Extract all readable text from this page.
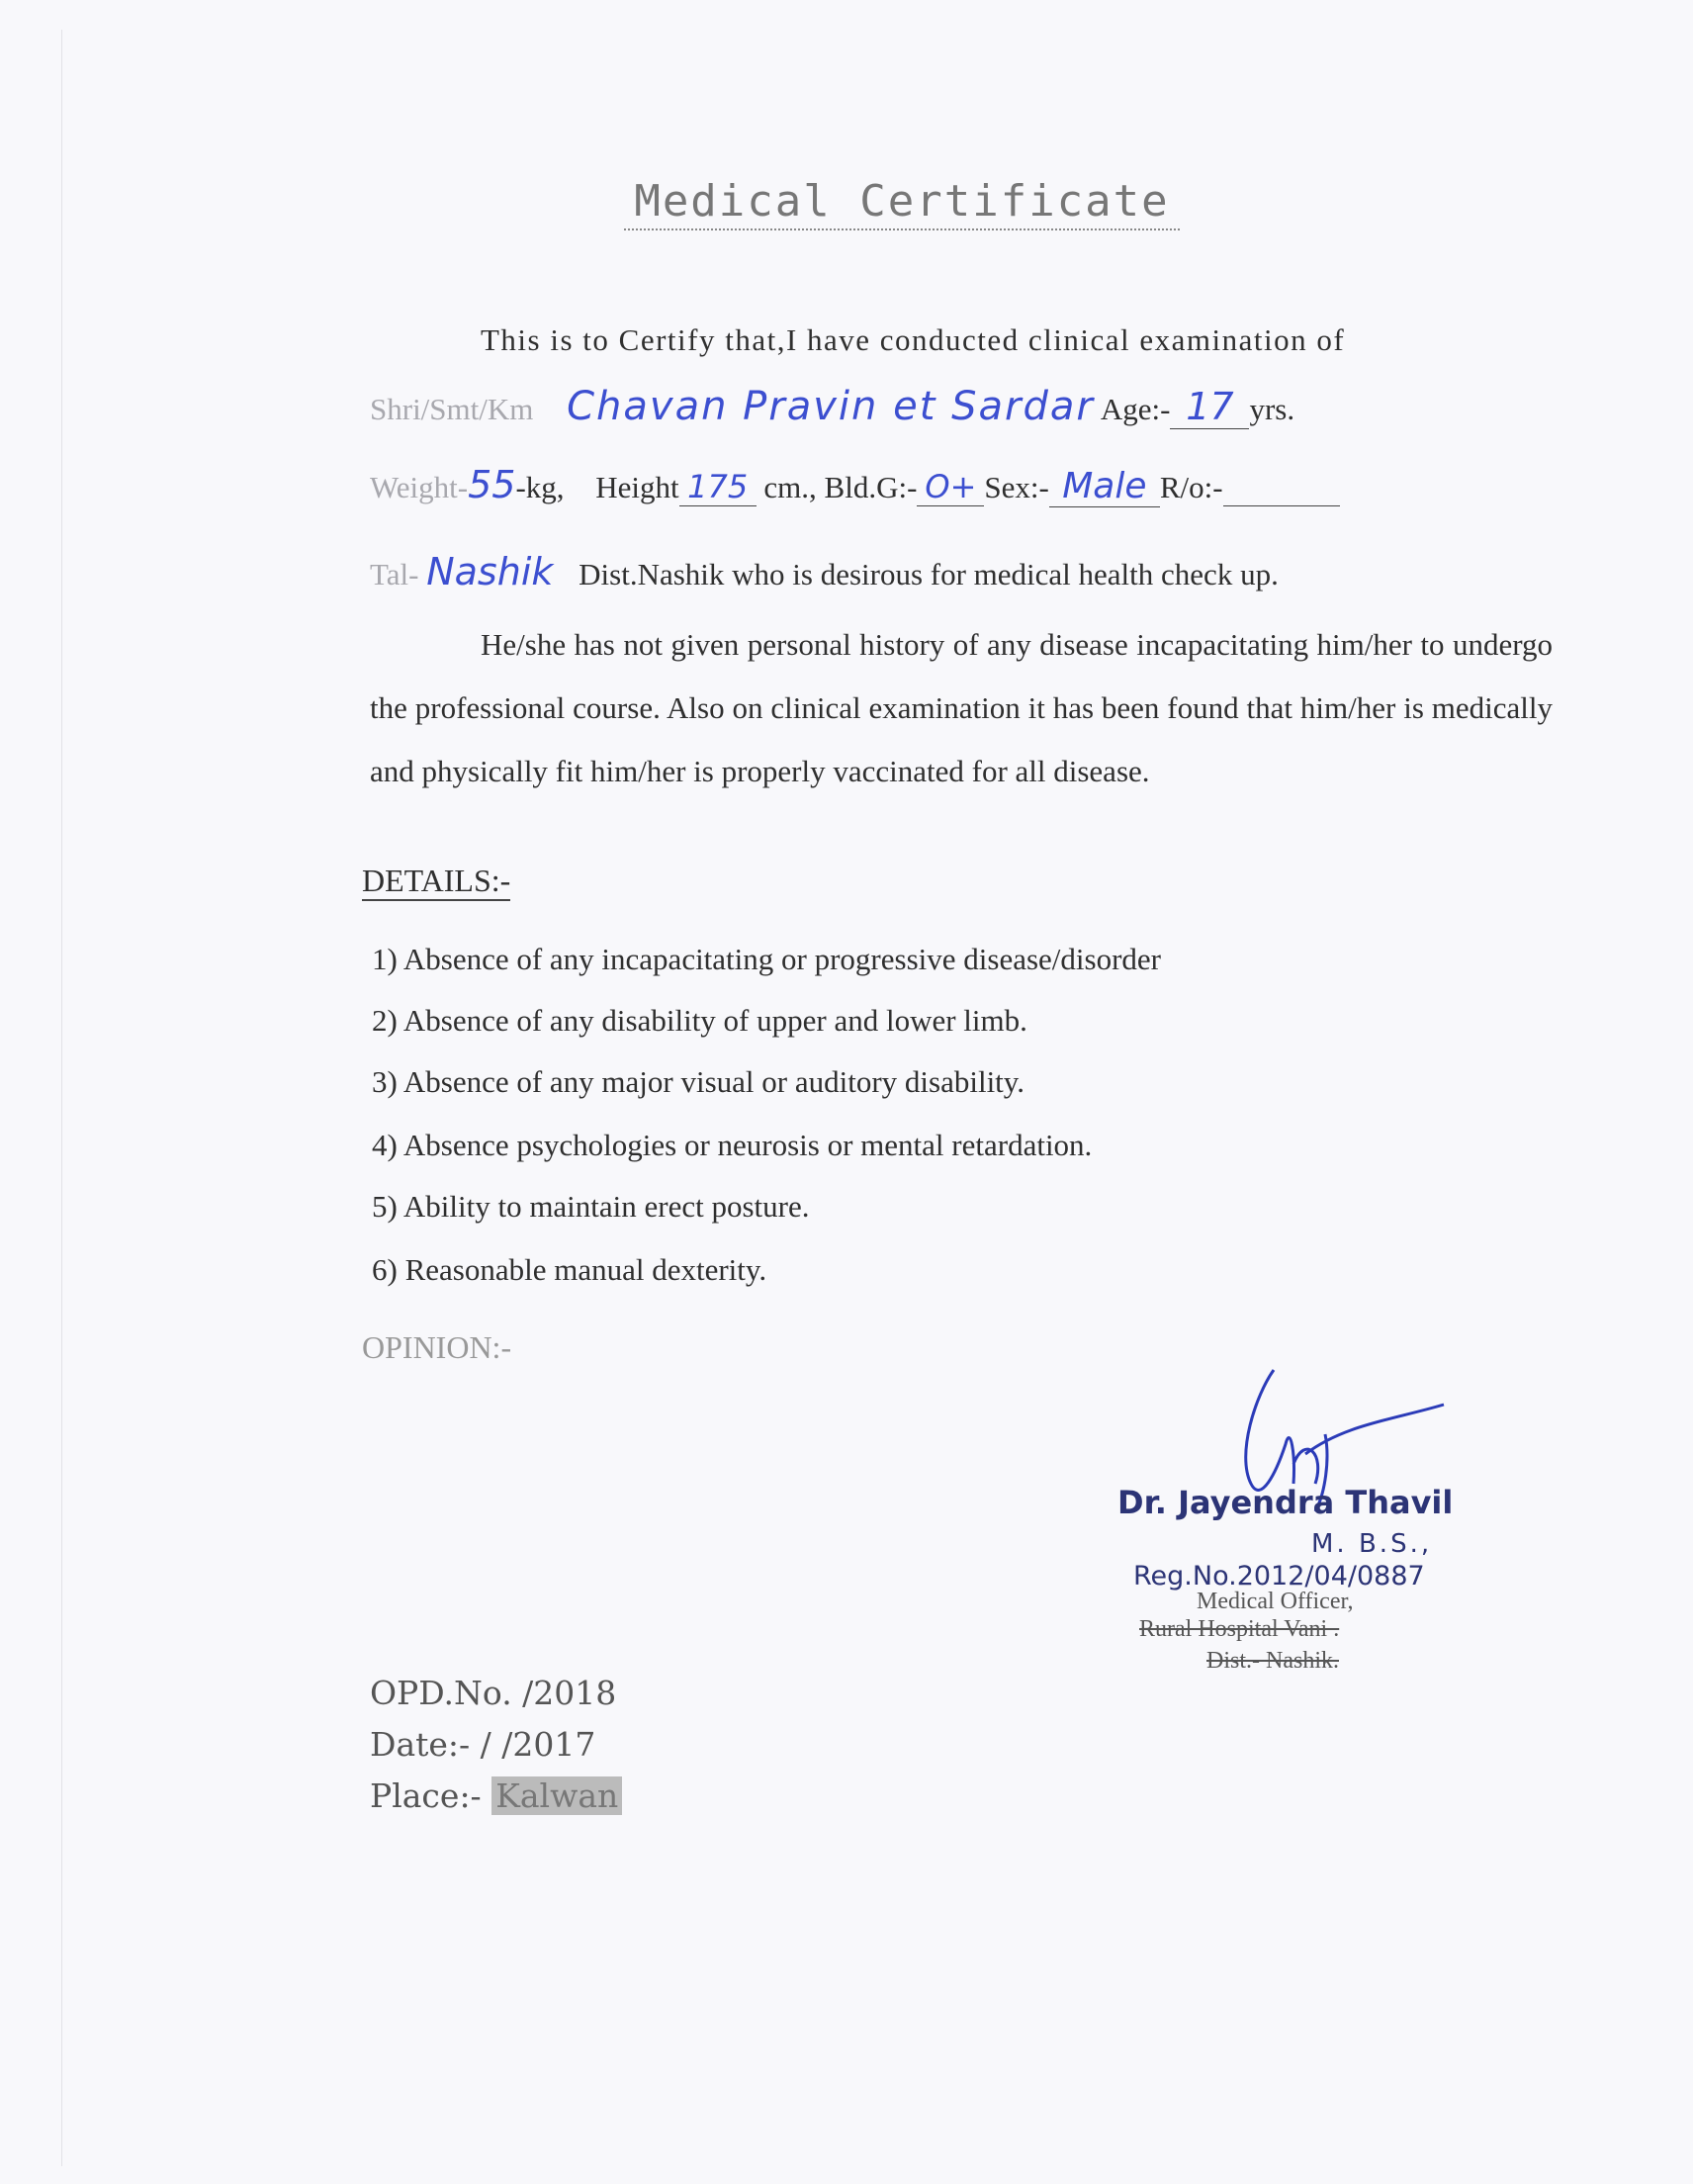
Medical Certificate
This is to Certify that,I have conducted clinical examination of
Shri/Smt/Km Chavan Pravin et Sardar Age:- 17 yrs.
Weight-55-kg, Height 175 cm., Bld.G:- O+ Sex:- Male R/o:-
Tal- Nashik Dist.Nashik who is desirous for medical health check up.
He/she has not given personal history of any disease incapacitating him/her to undergo the professional course. Also on clinical examination it has been found that him/her is medically and physically fit him/her is properly vaccinated for all disease.
DETAILS:-
1) Absence of any incapacitating or progressive disease/disorder
2) Absence of any disability of upper and lower limb.
3) Absence of any major visual or auditory disability.
4) Absence psychologies or neurosis or mental retardation.
5) Ability to maintain erect posture.
6) Reasonable manual dexterity.
OPINION:-
Dr. Jayendra Thavil
M. B.S.,
Reg.No.2012/04/0887
Medical Officer,
Rural Hospital Vani .
Dist.- Nashik.
OPD.No. /2018
Date:- / /2017
Place:- Kalwan
